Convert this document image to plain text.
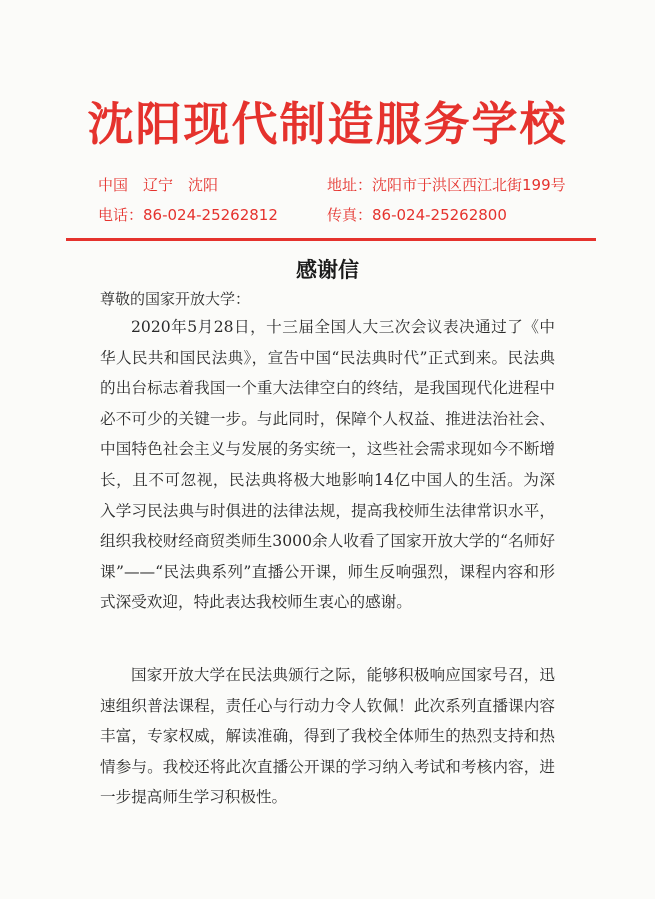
沈阳现代制造服务学校
中国　辽宁　沈阳	地址：沈阳市于洪区西江北街199号
电话：86-024-25262812	传真：86-024-25262800
感谢信
尊敬的国家开放大学：

2020年5月28日，十三届全国人大三次会议表决通过了《中华人民共和国民法典》，宣告中国“民法典时代”正式到来。民法典的出台标志着我国一个重大法律空白的终结，是我国现代化进程中必不可少的关键一步。与此同时，保障个人权益、推进法治社会、中国特色社会主义与发展的务实统一，这些社会需求现如今不断增长，且不可忽视，民法典将极大地影响14亿中国人的生活。为深入学习民法典与时俱进的法律法规，提高我校师生法律常识水平，组织我校财经商贸类师生3000余人收看了国家开放大学的“名师好课”——“民法典系列”直播公开课，师生反响强烈，课程内容和形式深受欢迎，特此表达我校师生衷心的感谢。

国家开放大学在民法典颁行之际，能够积极响应国家号召，迅速组织普法课程，责任心与行动力令人钦佩！此次系列直播课内容丰富，专家权威，解读准确，得到了我校全体师生的热烈支持和热情参与。我校还将此次直播公开课的学习纳入考试和考核内容，进一步提高师生学习积极性。
